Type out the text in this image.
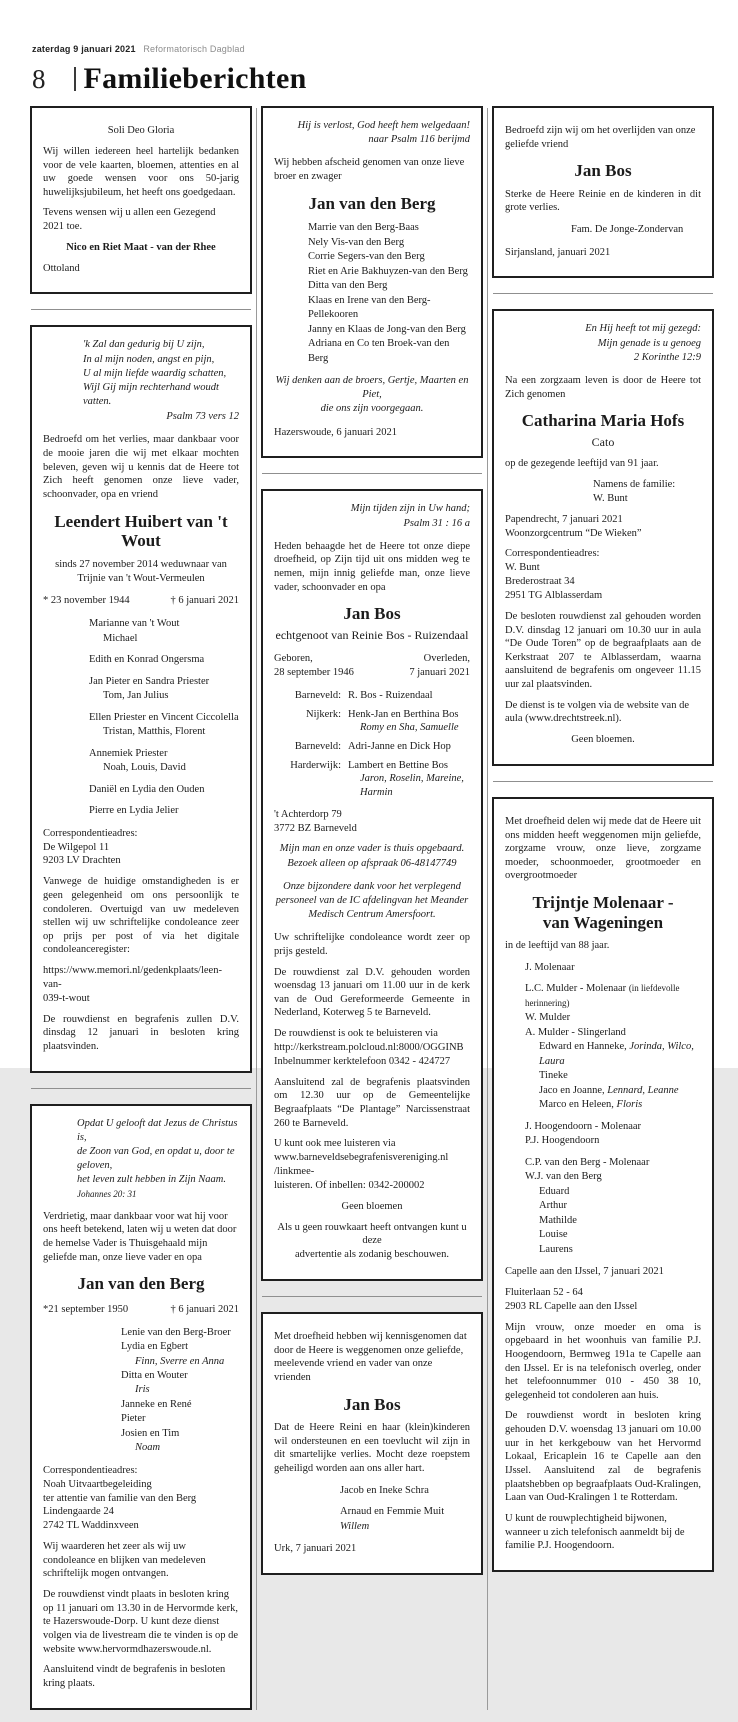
zaterdag 9 januari 2021 Reformatorisch Dagblad
8 Familieberichten
Soli Deo Gloria
Wij willen iedereen heel hartelijk bedanken voor de vele kaarten, bloemen, attenties en al uw goede wensen voor ons 50-jarig huwelijksjubileum, het heeft ons goedgedaan.
Tevens wensen wij u allen een Gezegend 2021 toe.
Nico en Riet Maat - van der Rhee
Ottoland
'k Zal dan gedurig bij U zijn,
In al mijn noden, angst en pijn,
U al mijn liefde waardig schatten,
Wijl Gij mijn rechterhand woudt vatten.
Psalm 73 vers 12
Bedroefd om het verlies, maar dankbaar voor de mooie jaren die wij met elkaar mochten beleven, geven wij u kennis dat de Heere tot Zich heeft genomen onze lieve vader, schoonvader, opa en vriend
Leendert Huibert van 't Wout
sinds 27 november 2014 weduwnaar van
Trijnie van 't Wout-Vermeulen
* 23 november 1944	† 6 januari 2021
Marianne van 't Wout
Michael
Edith en Konrad Ongersma
Jan Pieter en Sandra Priester
Tom, Jan Julius
Ellen Priester en Vincent Ciccolella
Tristan, Matthis, Florent
Annemiek Priester
Noah, Louis, David
Daniël en Lydia den Ouden
Pierre en Lydia Jelier
Correspondentieadres:
De Wilgepol 11
9203 LV Drachten
Vanwege de huidige omstandigheden is er geen gelegenheid om ons persoonlijk te condoleren. Overtuigd van uw medeleven stellen wij uw schriftelijke condoleance zeer op prijs per post of via het digitale condoleanceregister:
https://www.memori.nl/gedenkplaats/leen-van-
039-t-wout
De rouwdienst en begrafenis zullen D.V. dinsdag 12 januari in besloten kring plaatsvinden.
Opdat U gelooft dat Jezus de Christus is,
de Zoon van God, en opdat u, door te geloven,
het leven zult hebben in Zijn Naam.
Johannes 20: 31
Verdrietig, maar dankbaar voor wat hij voor ons heeft betekend, laten wij u weten dat door de hemelse Vader is Thuisgehaald mijn geliefde man, onze lieve vader en opa
Jan van den Berg
*21 september 1950	† 6 januari 2021
Lenie van den Berg-Broer
Lydia en Egbert
Finn, Sverre en Anna
Ditta en Wouter
Iris
Janneke en René
Pieter
Josien en Tim
Noam
Correspondentieadres:
Noah Uitvaartbegeleiding
ter attentie van familie van den Berg
Lindengaarde 24
2742 TL Waddinxveen
Wij waarderen het zeer als wij uw condoleance en blijken van medeleven schriftelijk mogen ontvangen.
De rouwdienst vindt plaats in besloten kring op 11 januari om 13.30 in de Hervormde kerk, te Hazerswoude-Dorp. U kunt deze dienst volgen via de livestream die te vinden is op de website www.hervormdhazerswoude.nl.
Aansluitend vindt de begrafenis in besloten kring plaats.
Hij is verlost, God heeft hem welgedaan!
naar Psalm 116 berijmd
Wij hebben afscheid genomen van onze lieve broer en zwager
Jan van den Berg
Marrie van den Berg-Baas
Nely Vis-van den Berg
Corrie Segers-van den Berg
Riet en Arie Bakhuyzen-van den Berg
Ditta van den Berg
Klaas en Irene van den Berg-Pellekooren
Janny en Klaas de Jong-van den Berg
Adriana en Co ten Broek-van den Berg
Wij denken aan de broers, Gertje, Maarten en Piet,
die ons zijn voorgegaan.
Hazerswoude, 6 januari 2021
Mijn tijden zijn in Uw hand;
Psalm 31 : 16 a
Heden behaagde het de Heere tot onze diepe droefheid, op Zijn tijd uit ons midden weg te nemen, mijn innig geliefde man, onze lieve vader, schoonvader en opa
Jan Bos
echtgenoot van Reinie Bos - Ruizendaal
Geboren,
28 september 1946
Overleden,
7 januari 2021
Barneveld: R. Bos - Ruizendaal
Nijkerk: Henk-Jan en Berthina Bos
Romy en Sha, Samuelle
Barneveld: Adri-Janne en Dick Hop
Harderwijk: Lambert en Bettine Bos
Jaron, Roselin, Mareine, Harmin
't Achterdorp 79
3772 BZ Barneveld
Mijn man en onze vader is thuis opgebaard.
Bezoek alleen op afspraak 06-48147749
Onze bijzondere dank voor het verplegend
personeel van de IC afdelingvan het Meander
Medisch Centrum Amersfoort.
Uw schriftelijke condoleance wordt zeer op prijs gesteld.
De rouwdienst zal D.V. gehouden worden woensdag 13 januari om 11.00 uur in de kerk van de Oud Gereformeerde Gemeente in Nederland, Koterweg 5 te Barneveld.
De rouwdienst is ook te beluisteren via
http://kerkstream.polcloud.nl:8000/OGGINB
Inbelnummer kerktelefoon 0342 - 424727
Aansluitend zal de begrafenis plaatsvinden om 12.30 uur op de Gemeentelijke Begraafplaats “De Plantage” Narcissenstraat 260 te Barneveld.
U kunt ook mee luisteren via
www.barneveldsebegrafenisvereniging.nl /linkmee-
luisteren. Of inbellen: 0342-200002
Geen bloemen
Als u geen rouwkaart heeft ontvangen kunt u deze
advertentie als zodanig beschouwen.
Met droefheid hebben wij kennisgenomen dat door de Heere is weggenomen onze geliefde, meelevende vriend en vader van onze vrienden
Jan Bos
Dat de Heere Reini en haar (klein)kinderen wil ondersteunen en een toevlucht wil zijn in dit smartelijke verlies. Mocht deze roepstem geheiligd worden aan ons aller hart.
Jacob en Ineke Schra
Arnaud en Femmie Muit
Willem
Urk, 7 januari 2021
Bedroefd zijn wij om het overlijden van onze geliefde vriend
Jan Bos
Sterke de Heere Reinie en de kinderen in dit grote verlies.
Fam. De Jonge-Zondervan
Sirjansland, januari 2021
En Hij heeft tot mij gezegd:
Mijn genade is u genoeg
2 Korinthe 12:9
Na een zorgzaam leven is door de Heere tot Zich genomen
Catharina Maria Hofs
Cato
op de gezegende leeftijd van 91 jaar.
Namens de familie:
W. Bunt
Papendrecht, 7 januari 2021
Woonzorgcentrum “De Wieken”
Correspondentieadres:
W. Bunt
Brederostraat 34
2951 TG Alblasserdam
De besloten rouwdienst zal gehouden worden D.V. dinsdag 12 januari om 10.30 uur in aula “De Oude Toren” op de begraafplaats aan de Kerkstraat 207 te Alblasserdam, waarna aansluitend de begrafenis om ongeveer 11.15 uur zal plaatsvinden.
De dienst is te volgen via de website van de aula (www.drechtstreek.nl).
Geen bloemen.
Met droefheid delen wij mede dat de Heere uit ons midden heeft weggenomen mijn geliefde, zorgzame vrouw, onze lieve, zorgzame moeder, schoonmoeder, grootmoeder en overgrootmoeder
Trijntje Molenaar -
van Wageningen
in de leeftijd van 88 jaar.
J. Molenaar
L.C. Mulder - Molenaar (in liefdevolle herinnering)
W. Mulder
A. Mulder - Slingerland
Edward en Hanneke, Jorinda, Wilco, Laura
Tineke
Jaco en Joanne, Lennard, Leanne
Marco en Heleen, Floris
J. Hoogendoorn - Molenaar
P.J. Hoogendoorn
C.P. van den Berg - Molenaar
W.J. van den Berg
Eduard
Arthur
Mathilde
Louise
Laurens
Capelle aan den IJssel, 7 januari 2021
Fluiterlaan 52 - 64
2903 RL Capelle aan den IJssel
Mijn vrouw, onze moeder en oma is opgebaard in het woonhuis van familie P.J. Hoogendoorn, Bermweg 191a te Capelle aan den IJssel. Er is na telefonisch overleg, onder het telefoonnummer 010 - 450 38 10, gelegenheid tot condoleren aan huis.
De rouwdienst wordt in besloten kring gehouden D.V. woensdag 13 januari om 10.00 uur in het kerkgebouw van het Hervormd Lokaal, Ericaplein 16 te Capelle aan den IJssel. Aansluitend zal de begrafenis plaatshebben op begraafplaats Oud-Kralingen, Laan van Oud-Kralingen 1 te Rotterdam.
U kunt de rouwplechtigheid bijwonen, wanneer u zich telefonisch aanmeldt bij de familie P.J. Hoogendoorn.
